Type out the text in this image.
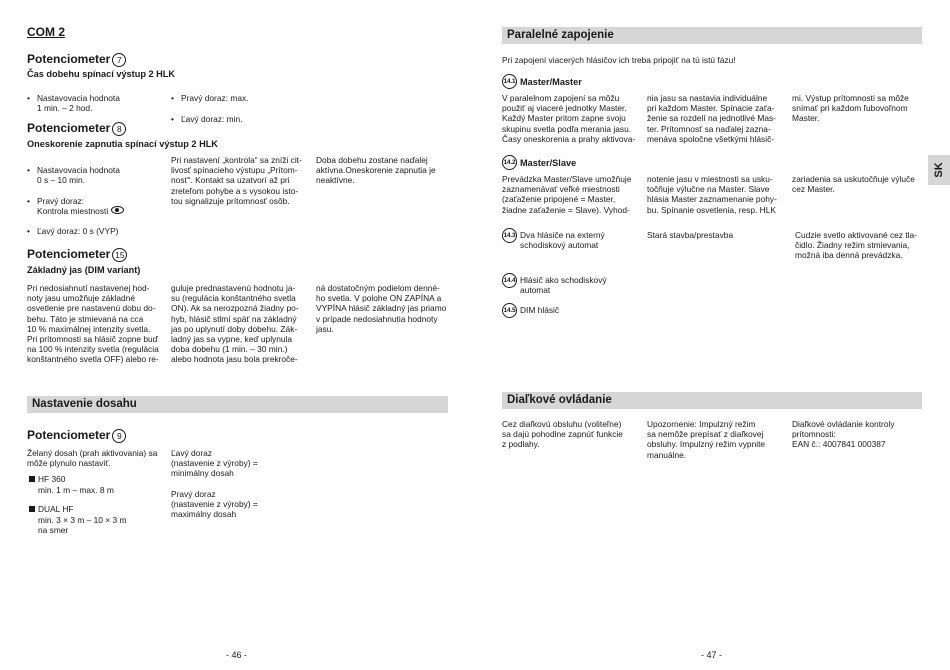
COM 2
Potenciometer 7
Čas dobehu spínací výstup 2 HLK

• Nastavovacia hodnota
1 min. – 2 hod.

• Pravý doraz: max.

• Ľavý doraz: min.

Potenciometer 8
Oneskorenie zapnutia spínací výstup 2 HLK

• Nastavovacia hodnota
0 s – 10 min.

• Pravý doraz:
Kontrola miestnosti

• Ľavý doraz: 0 s (VYP)

Pri nastavení „kontrola“ sa zníži cit-
livosť spínacieho výstupu „Prítom-
nosť“. Kontakt sa uzatvorí až pri
zreteľom pohybe a s vysokou isto-
tou signalizuje prítomnosť osôb.
Doba dobehu zostane naďalej
aktívna.Oneskorenie zapnutia je
neaktívne.
Potenciometer 15
Základný jas (DIM variant)
Pri nedosiahnutí nastavenej hod-
noty jasu umožňuje základné
osvetlenie pre nastavenú dobu do-
behu. Táto je stmievaná na cca
10 % maximálnej intenzity svetla.
Pri prítomnosti sa hlásič zopne buď
na 100 % intenzity svetla (regulácia
konštantného svetla OFF) alebo re-
guluje prednastavenú hodnotu ja-
su (regulácia konštantného svetla
ON). Ak sa nerozpozná žiadny po-
hyb, hlásič stlmí späť na základný
jas po uplynutí doby dobehu. Zák-
ladný jas sa vypne, keď uplynula
doba dobehu (1 min. – 30 min.)
alebo hodnota jasu bola prekroče-
ná dostatočným podielom denné-
ho svetla. V polohe ON ZAPÍNA a
VYPÍNA hlásič základný jas priamo
v prípade nedosiahnutia hodnoty
jasu.
Nastavenie dosahu
Potenciometer 9
Želaný dosah (prah aktivovania) sa
môže plynulo nastaviť.
HF 360
min. 1 m – max. 8 m
DUAL HF
min. 3 × 3 m – 10 × 3 m
na smer
Ľavý doraz
(nastavenie z výroby) =
minimálny dosah
Pravý doraz
(nastavenie z výroby) =
maximálny dosah
- 46 -
Paralelné zapojenie
Pri zapojení viacerých hlásičov ich treba pripojiť na tú istú fázu!
14.1 Master/Master
V paralelnom zapojení sa môžu
použiť aj viaceré jednotky Master.
Každý Master pritom zapne svoju
skupinu svetla podľa merania jasu.
Časy oneskorenia a prahy aktivova-
nia jasu sa nastavia individuálne
pri každom Master. Spínacie zaťa-
ženie sa rozdelí na jednotlivé Mas-
ter. Prítomnosť sa naďalej zazna-
menáva spoločne všetkými hlásič-
mi. Výstup prítomnosti sa môže
snímať pri každom ľubovoľnom
Master.
14.2 Master/Slave
Prevádzka Master/Slave umožňuje
zaznamenávať veľké miestnosti
(zaťaženie pripojené = Master,
žiadne zaťaženie = Slave). Vyhod-
notenie jasu v miestnosti sa usku-
točňuje výlučne na Master. Slave
hlásia Master zaznamenanie pohy-
bu. Spínanie osvetlenia, resp. HLK
zariadenia sa uskutočňuje výluče
cez Master.
14.3 Dva hlásiče na externý
schodiskový automat
Stará stavba/prestavba	Cudzie svetlo aktivované cez tla-
čidlo. Žiadny režim stmievania,
možná iba denná prevádzka.
14.4 Hlásič ako schodiskový
automat
14.5 DIM hlásič
Diaľkové ovládanie
Cez diaľkovú obsluhu (voliteľne)
sa dajú pohodlne zapnúť funkcie
z podlahy.
Upozornenie: Impulzný režim
sa nemôže prepísať z diaľkovej
obsluhy. Impulzný režim vypnite
manuálne.
Diaľkové ovládanie kontroly
prítomnosti:
EAN č.: 4007841 000387
SK
- 47 -
